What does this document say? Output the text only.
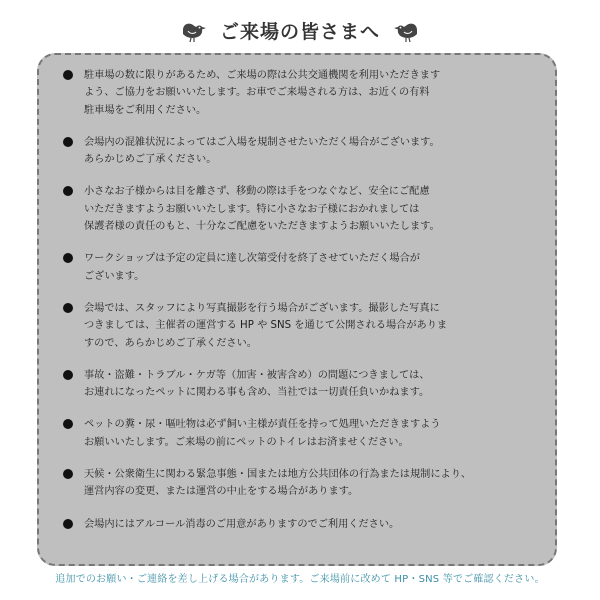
ご来場の皆さまへ
駐車場の数に限りがあるため、ご来場の際は公共交通機関を利用いただきます
よう、ご協力をお願いいたします。お車でご来場される方は、お近くの有料
駐車場をご利用ください。
会場内の混雑状況によってはご入場を規制させたいただく場合がございます。
あらかじめご了承ください。
小さなお子様からは目を離さず、移動の際は手をつなぐなど、安全にご配慮
いただきますようお願いいたします。特に小さなお子様におかれましては
保護者様の責任のもと、十分なご配慮をいただきますようお願いいたします。
ワークショップは予定の定員に達し次第受付を終了させていただく場合が
ございます。
会場では、スタッフにより写真撮影を行う場合がございます。撮影した写真に
つきましては、主催者の運営する HP や SNS を通じて公開される場合がありま
すので、あらかじめご了承ください。
事故・盗難・トラブル・ケガ等（加害・被害含め）の問題につきましては、
お連れになったペットに関わる事も含め、当社では一切責任負いかねます。
ペットの糞・尿・嘔吐物は必ず飼い主様が責任を持って処理いただきますよう
お願いいたします。ご来場の前にペットのトイレはお済ませください。
天候・公衆衛生に関わる緊急事態・国または地方公共団体の行為または規制により、
運営内容の変更、または運営の中止をする場合があります。
会場内にはアルコール消毒のご用意がありますのでご利用ください。
追加でのお願い・ご連絡を差し上げる場合があります。ご来場前に改めて HP・SNS 等でご確認ください。
